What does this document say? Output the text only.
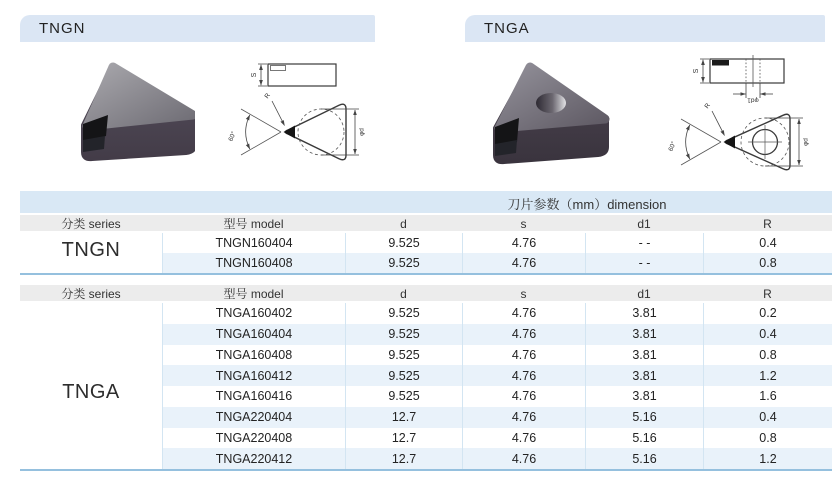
TNGN	TNGA
S
60°
R
φd
S
φd1
60°
R
φd
刀片参数（mm）dimension
分类 series	型号 model	d	s	d1	R
TNGN	TNGN160404	9.525	4.76	- -	0.4
TNGN160408	9.525	4.76	- -	0.8
分类 series	型号 model	d	s	d1	R
TNGA
TNGA160402	9.525	4.76	3.81	0.2
TNGA160404	9.525	4.76	3.81	0.4
TNGA160408	9.525	4.76	3.81	0.8
TNGA160412	9.525	4.76	3.81	1.2
TNGA160416	9.525	4.76	3.81	1.6
TNGA220404	12.7	4.76	5.16	0.4
TNGA220408	12.7	4.76	5.16	0.8
TNGA220412	12.7	4.76	5.16	1.2
